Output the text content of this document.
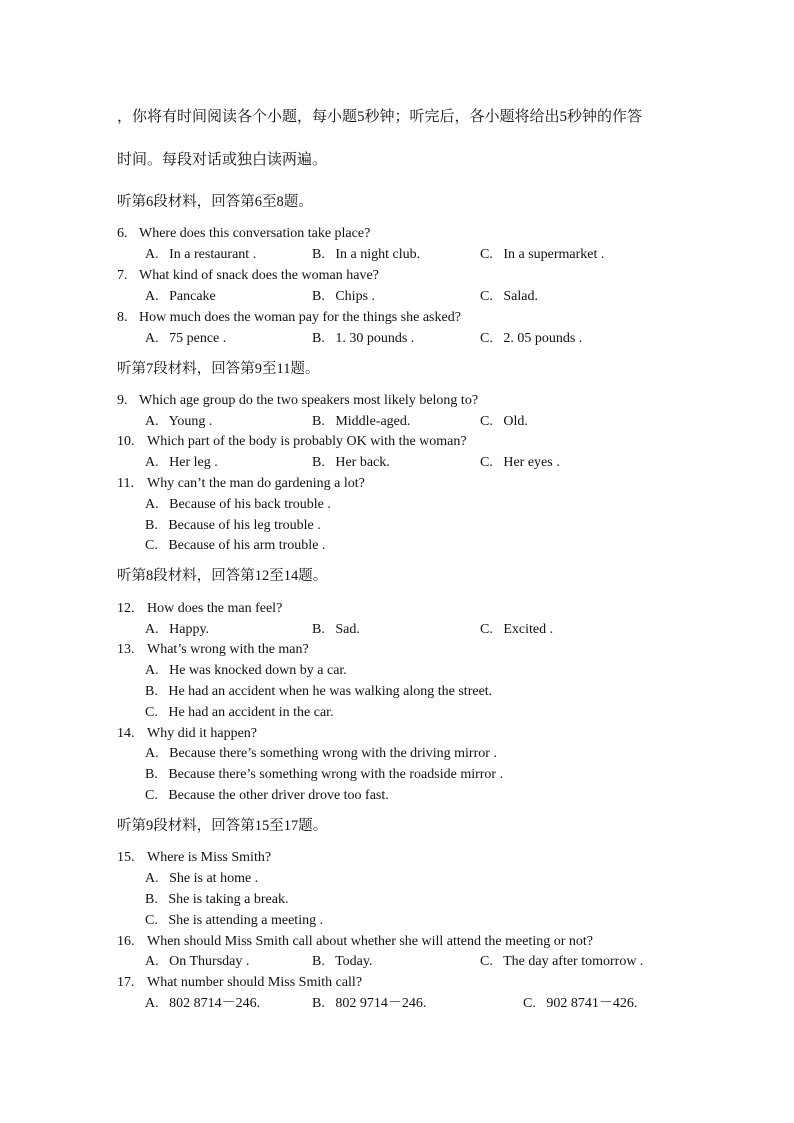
，你将有时间阅读各个小题，每小题5秒钟；听完后，各小题将给出5秒钟的作答
时间。每段对话或独白读两遍。
听第6段材料，回答第6至8题。
6. Where does this conversation take place?
A. In a restaurant .	B. In a night club.	C. In a supermarket .
7. What kind of snack does the woman have?
A. Pancake	B. Chips .	C. Salad.
8. How much does the woman pay for the things she asked?
A. 75 pence .	B. 1. 30 pounds .	C. 2. 05 pounds .
听第7段材料，回答第9至11题。
9. Which age group do the two speakers most likely belong to?
A. Young .	B. Middle-aged.	C. Old.
10. Which part of the body is probably OK with the woman?
A. Her leg .	B. Her back.	C. Her eyes .
11. Why can’t the man do gardening a lot?
A. Because of his back trouble .
B. Because of his leg trouble .
C. Because of his arm trouble .
听第8段材料，回答第12至14题。
12. How does the man feel?
A. Happy.	B. Sad.	C. Excited .
13. What’s wrong with the man?
A. He was knocked down by a car.
B. He had an accident when he was walking along the street.
C. He had an accident in the car.
14. Why did it happen?
A. Because there’s something wrong with the driving mirror .
B. Because there’s something wrong with the roadside mirror .
C. Because the other driver drove too fast.
听第9段材料，回答第15至17题。
15. Where is Miss Smith?
A. She is at home .
B. She is taking a break.
C. She is attending a meeting .
16. When should Miss Smith call about whether she will attend the meeting or not?
A. On Thursday .	B. Today.	C. The day after tomorrow .
17. What number should Miss Smith call?
A. 802 8714－246.	B. 802 9714－246.	C. 902 8741－426.
